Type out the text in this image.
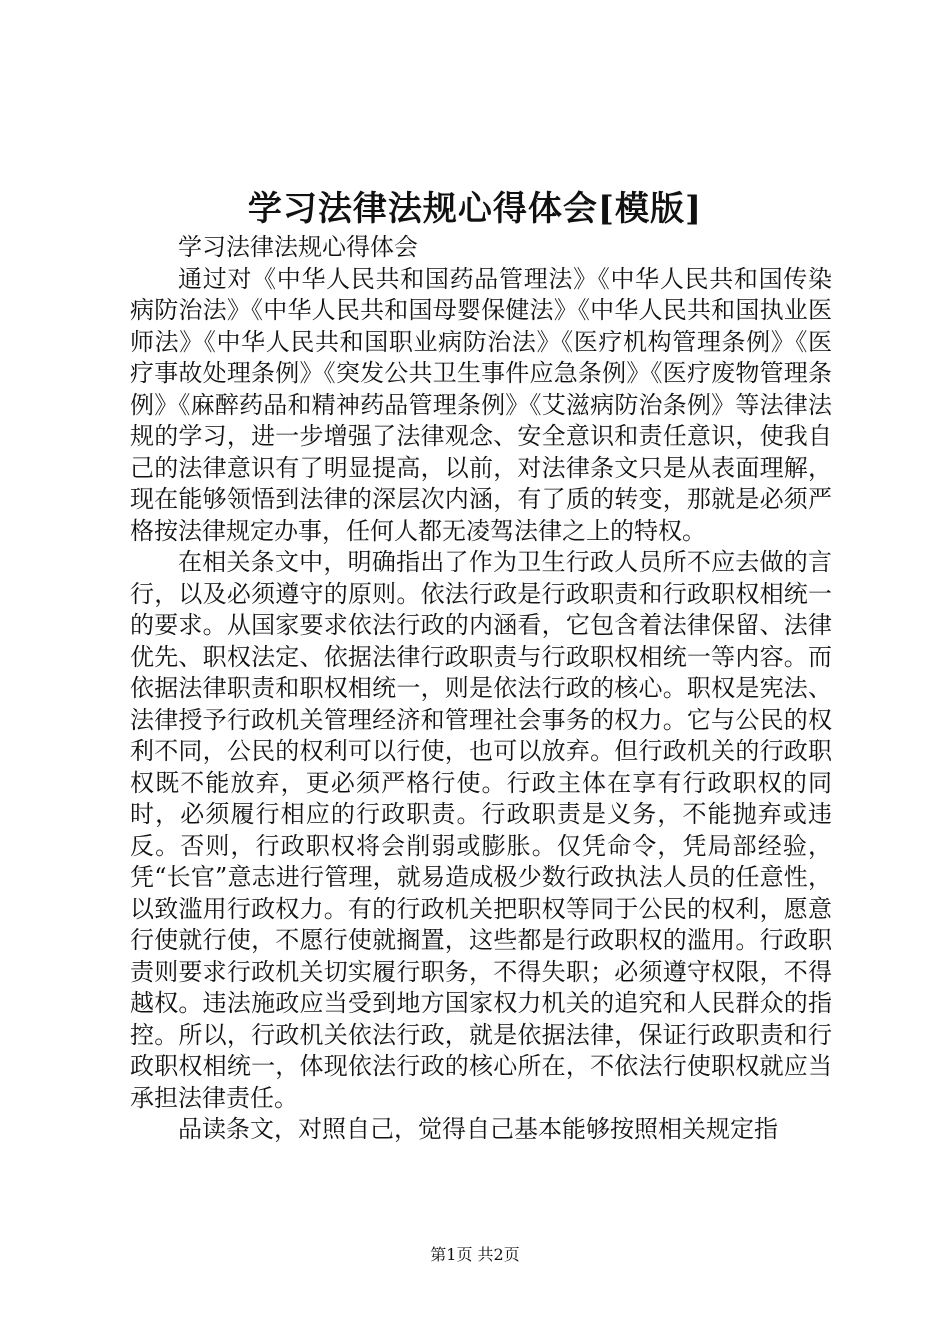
学习法律法规心得体会[模版]

学习法律法规心得体会

通过对《中华人民共和国药品管理法》《中华人民共和国传染病防治法》《中华人民共和国母婴保健法》《中华人民共和国执业医师法》《中华人民共和国职业病防治法》《医疗机构管理条例》《医疗事故处理条例》《突发公共卫生事件应急条例》《医疗废物管理条例》《麻醉药品和精神药品管理条例》《艾滋病防治条例》等法律法规的学习，进一步增强了法律观念、安全意识和责任意识，使我自己的法律意识有了明显提高，以前，对法律条文只是从表面理解，现在能够领悟到法律的深层次内涵，有了质的转变，那就是必须严格按法律规定办事，任何人都无凌驾法律之上的特权。

在相关条文中，明确指出了作为卫生行政人员所不应去做的言行，以及必须遵守的原则。依法行政是行政职责和行政职权相统一的要求。从国家要求依法行政的内涵看，它包含着法律保留、法律优先、职权法定、依据法律行政职责与行政职权相统一等内容。而依据法律职责和职权相统一，则是依法行政的核心。职权是宪法、法律授予行政机关管理经济和管理社会事务的权力。它与公民的权利不同，公民的权利可以行使，也可以放弃。但行政机关的行政职权既不能放弃，更必须严格行使。行政主体在享有行政职权的同时，必须履行相应的行政职责。行政职责是义务，不能抛弃或违反。否则，行政职权将会削弱或膨胀。仅凭命令，凭局部经验，凭“长官”意志进行管理，就易造成极少数行政执法人员的任意性，以致滥用行政权力。有的行政机关把职权等同于公民的权利，愿意行使就行使，不愿行使就搁置，这些都是行政职权的滥用。行政职责则要求行政机关切实履行职务，不得失职；必须遵守权限，不得越权。违法施政应当受到地方国家权力机关的追究和人民群众的指控。所以，行政机关依法行政，就是依据法律，保证行政职责和行政职权相统一，体现依法行政的核心所在，不依法行使职权就应当承担法律责任。

品读条文，对照自己，觉得自己基本能够按照相关规定指

第1页 共2页
